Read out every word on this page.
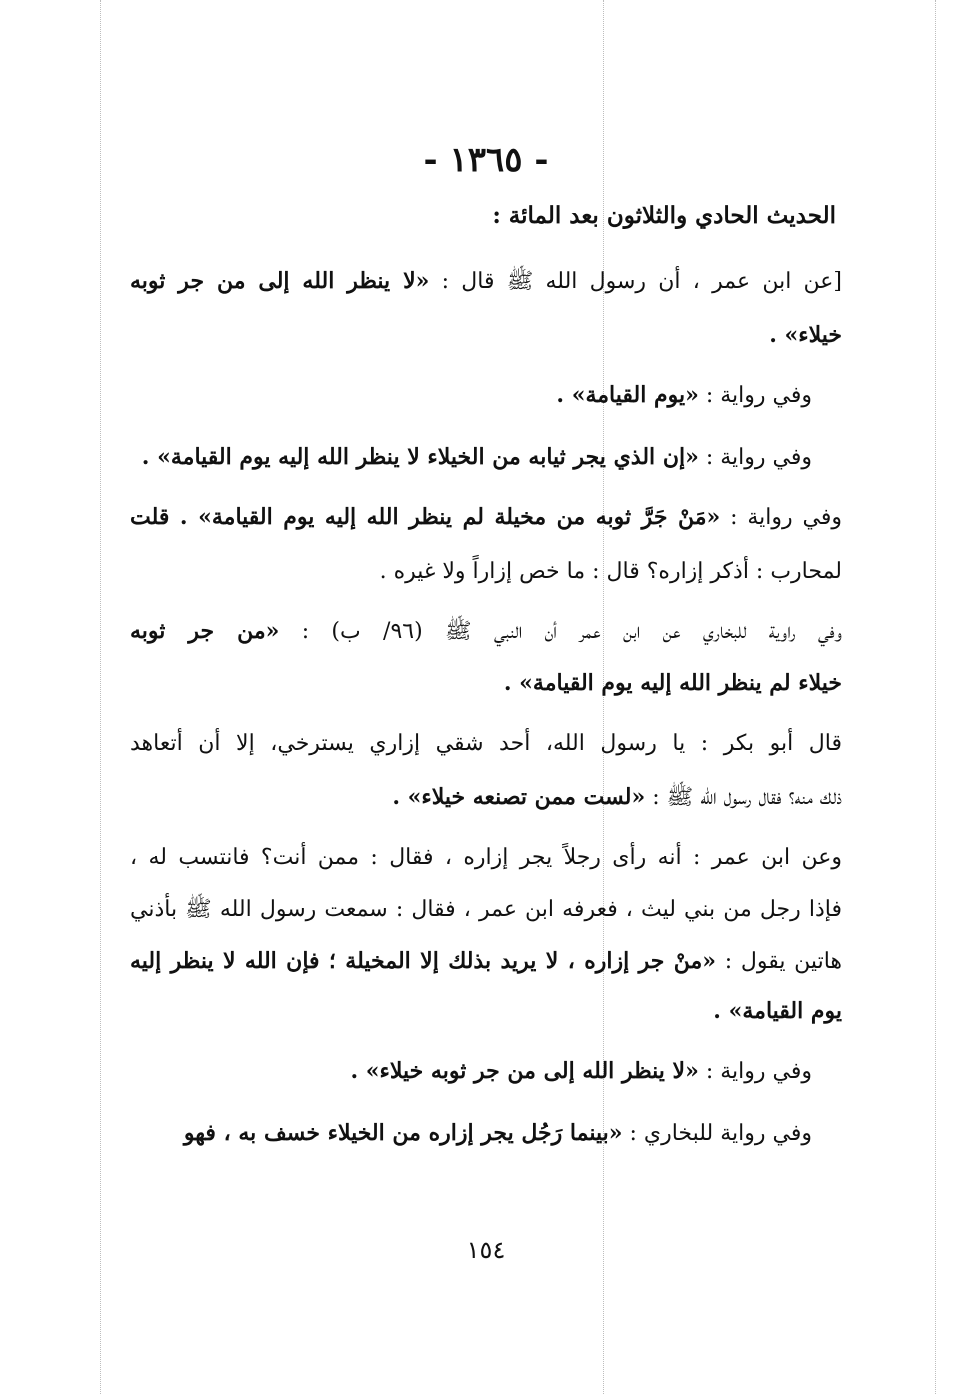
- ١٣٦٥ -
الحديث الحادي والثلاثون بعد المائة :
[عن ابن عمر ، أن رسول الله ﷺ قال : «لا ينظر الله إلى من جر ثوبه
خيلاء» .
وفي رواية : «يوم القيامة» .
وفي رواية : «إن الذي يجر ثيابه من الخيلاء لا ينظر الله إليه يوم القيامة» .
وفي رواية : «مَنْ جَرَّ ثوبه من مخيلة لم ينظر الله إليه يوم القيامة» . قلت
لمحارب : أذكر إزاره؟ قال : ما خص إزاراً ولا غيره .
وفي راوية للبخاري عن ابن عمر أن النبي ﷺ (٩٦/ ب) : «من جر ثوبه
خيلاء لم ينظر الله إليه يوم القيامة» .
قال أبو بكر : يا رسول الله، أحد شقي إزاري يسترخي، إلا أن أتعاهد
ذلك منه؟ فقال رسول الله ﷺ : «لست ممن تصنعه خيلاء» .
وعن ابن عمر : أنه رأى رجلاً يجر إزاره ، فقال : ممن أنت؟ فانتسب له ،
فإذا رجل من بني ليث ، فعرفه ابن عمر ، فقال : سمعت رسول الله ﷺ بأذني
هاتين يقول : «منْ جر إزاره ، لا يريد بذلك إلا المخيلة ؛ فإن الله لا ينظر إليه
يوم القيامة» .
وفي رواية : «لا ينظر الله إلى من جر ثوبه خيلاء» .
وفي رواية للبخاري : «بينما رَجُل يجر إزاره من الخيلاء خسف به ، فهو
١٥٤
